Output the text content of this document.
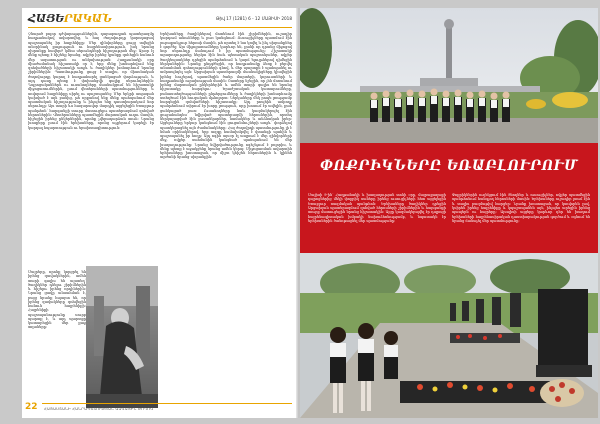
ՀԱՅԵՐԱԿԱՆ	Թիվ 17 (1281) 6 - 12 ՄԱՅԻՍԻ 2018
Չնայած բոլոր դժվարություններին, ղարաբաղյան պատերազմը հաղթանակով ավարտվեց, և հայ ժողովուրդը կարողացավ պաշտպանել իր հայրենիքը։ Մեր զինվորները ցույց տվեցին անօրինակ քաջություն ու հայրենասիրություն, իսկ նրանց սխրանքը հավերժ կմնա սերունդների հիշողության մեջ։ Այսօր էլ մենք պետք է հիշենք նրանց, ովքեր իրենց կյանքը զոհեցին հանուն մեր ազատության ու անկախության։ Հաղթանակի օրը միաժամանակ հիշատակի օր է, երբ մենք խոնարհվում ենք զոհվածների հիշատակի առջև և ծաղիկներ խոնարհում նրանց շիրիմներին։ Պատմությունը ցույց է տալիս, որ միասնական ժողովուրդը կարող է հաղթահարել ցանկացած փորձություն, և այդ դասը պետք է փոխանցվի գալիք սերունդներին։ Դպրոցականներն ու ուսանողները մասնակցում են հիշատակի միջոցառումներին, լսում վետերանների պատմությունները և սովորում հայրենիքը սիրել ու պաշտպանել։ Մեր երկրի ապագան կախված է այն բանից, թե որքանով ենք մենք պահպանում մեր պատմական հիշողությունը և ինչպես ենք դաստիարակում նոր սերունդը։ Այս տարի ևս հազարավոր մարդիկ այցելեցին Եռաբլուր պանթեոն՝ հարգանքի տուրք մատուցելու պատերազմում զոհված հերոսներին։ Վետերանները պատմեցին մարտական ուղու մասին, հիշեցին իրենց ընկերներին, որոնք չվերադարձան տուն։ Նրանց խոսքերը լսում էին երեխաները, որոնց աչքերում կարելի էր կարդալ հպարտություն ու երախտագիտություն։
Երեխաները ծաղիկներով մոտենում էին շիրիմներին, ուշադիր կարդում անունները և լուռ կանգնում։ Ուսուցիչները պատմում էին յուրաքանչյուր հերոսի մասին, թե որտեղ է նա կռվել և ինչ սխրանքներ է գործել։ Այս միջոցառումները կարևոր են, քանի որ դրանց միջոցով նոր սերունդը ճանաչում է իր պատմությունը։ Հիշատակի արարողությանը ներկա էին նաև պետական պաշտոնյաներ, ովքեր ծաղկեպսակներ դրեցին պանթեոնում և կարճ ելույթներով դիմեցին ներկաներին։ Նրանք ընդգծեցին, որ հաղթանակը ձեռք է բերվել անսահման զոհողությունների գնով, և մեր պարտքն է պահպանել ու ամրապնդել այն։ Արցախյան պատերազմի մասնակիցները կիսվեցին իրենց հուշերով, պատմեցին ծանր մարտերի, կորուստների և հաղթանակի ուրախության մասին։ Շատերը նշեցին, որ չեն մոռանում իրենց մարտական ընկերներին և ամեն տարի գալիս են նրանց հիշատակը հարգելու։ Երաժշտական կատարումները, բանաստեղծությունների ընթերցումները և ծաղիկների խոնարհումը ստեղծում էին հուզական մթնոլորտ։ Ներկաները մեկ րոպե լռությամբ հարգեցին զոհվածների հիշատակը։ Այդ րոպեին ամբողջ պանթեոնում տիրում էր խորը լռություն, որը խոսում էր ավելին, քան ցանկացած բառ։ Ուսանողները նաև կազմակերպել էին ցուցահանդես՝ նվիրված պատերազմի հերոսներին, որտեղ ներկայացված էին լուսանկարներ, նամակներ և անձնական իրեր։ Այցելուները երկար կանգնում էին ցուցանմուշների առջև՝ փորձելով պատկերացնել այն ժամանակները։ Հայ ժողովրդի պատմությունը լի է նման օրինակներով, երբ ազգը համախմբվել է վտանգի պահին և պաշտպանել իր հողը։ Այդ ոգին այսօր էլ ապրում է մեր զինվորների մեջ, ովքեր սահմանին կանգնած պահպանում են մեր խաղաղությունը։ Նրանց նվիրվածությունը ոգեշնչում է բոլորիս, և մենք պետք է աջակցենք նրանց ամեն կերպ։ Միջոցառման ավարտին երեխաները խոստացան, որ միշտ կհիշեն հերոսներին և կլինեն արժանի նրանց սխրանքին։
Մայրերը, որոնք կորցրել են իրենց զավակներին, ամեն տարի գալիս են այստեղ՝ ծաղիկներ դնելու շիրիմներին և հիշելու իրենց որդիներին։ Նրանց ցավը անսահման է, բայց նրանք հպարտ են, որ իրենց զավակները զոհվեցին հանուն հայրենիքի։ Հայրենիքի պաշտպանությունը սուրբ պարտք է, և այդ պարտքը կատարեցին մեր քաջ տղաները։
22 ՀԱՅԱՍՏԱՆԻ ՀԱՆՐԱՊԵՏՈՒԹՅԱՆ ԱԶԳԱՅԻՆ ԺՈՂՈՎ
ՓՈՔՐԻԿՆԵՐԸ ԵՌԱԲԼՈՒՐՈՒՄ
Մայիսի 9-ին՝ Հաղթանակի և խաղաղության տոնի օրը, մայրաքաղաքի դպրոցներից մեկի փոքրիկ սաները իրենց ուսուցիչների հետ այցելեցին Եռաբլուր ռազմական պանթեոն։ Երեխաները ծաղիկներ դրեցին Արցախյան պատերազմում զոհված հերոսների շիրիմներին և հարգանքի տուրք մատուցեցին նրանց հիշատակին։ Այցը կազմակերպվել էր դպրոցի հայրենագիտական խմբակի նախաձեռնությամբ, և նպատակն էր երեխաներին ծանոթացնել մեր պատմությանը։
Փոքրիկներին ուղեկցում էին ծնողներ և ուսուցիչներ, ովքեր պատմեցին պանթեոնում հանգչող հերոսների մասին։ Երեխաները ուշադիր լսում էին և տալիս բազմաթիվ հարցեր։ Նրանք խոստացան, որ կսովորեն լավ, կսիրեն իրենց հայրենիքը և կպաշտպանեն այն, ինչպես արեցին իրենց պապերն ու հայրերը։ Այսպիսի այցերը կարևոր դեր են խաղում երեխաների հայրենասիրական դաստիարակության գործում և օգնում են նրանց ճանաչել մեր պատմությունը։
